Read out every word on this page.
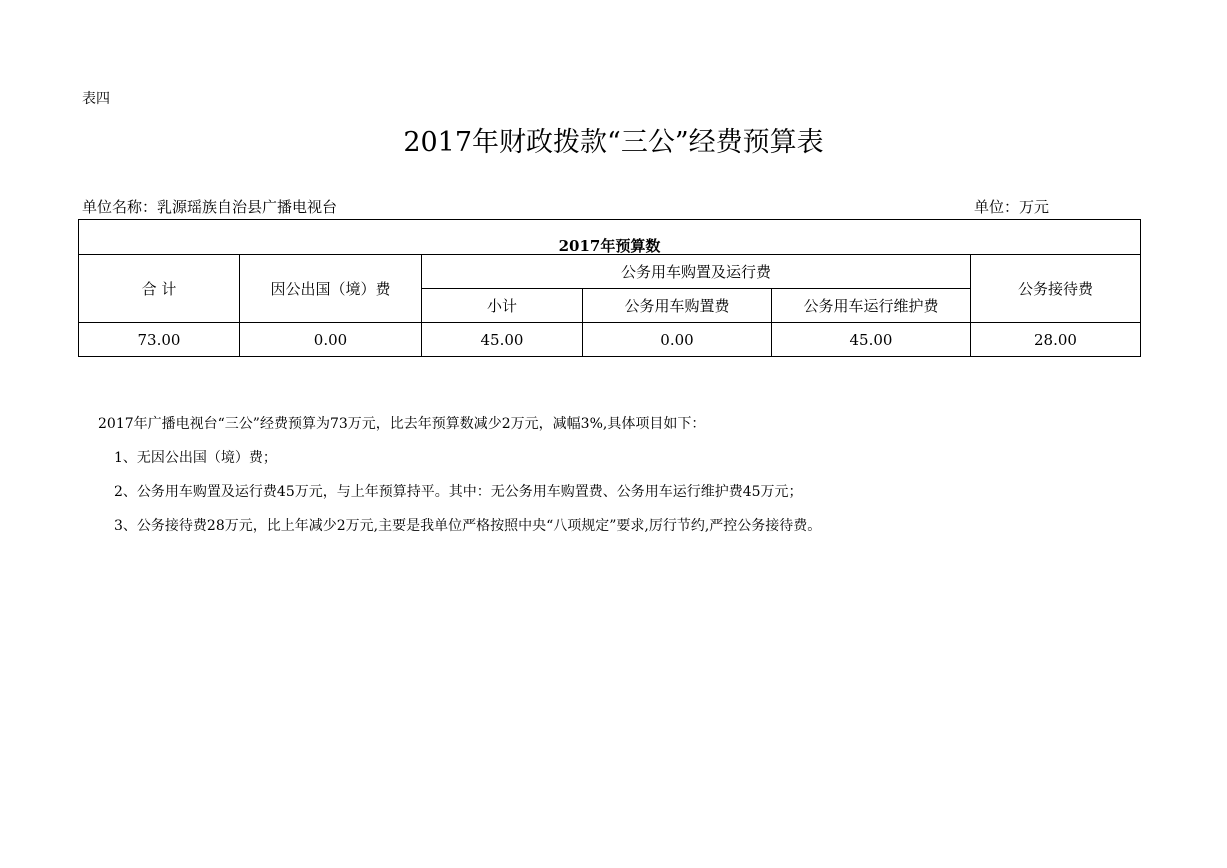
表四
2017年财政拨款“三公”经费预算表
单位名称：乳源瑶族自治县广播电视台	单位：万元
2017年预算数					
合 计	因公出国（境）费	公务用车购置及运行费			公务接待费
		小计	公务用车购置费	公务用车运行维护费	
73.00	0.00	45.00	0.00	45.00	28.00
2017年广播电视台“三公”经费预算为73万元，比去年预算数减少2万元，减幅3%,具体项目如下：
1、无因公出国（境）费；
2、公务用车购置及运行费45万元，与上年预算持平。其中：无公务用车购置费、公务用车运行维护费45万元；
3、公务接待费28万元，比上年减少2万元,主要是我单位严格按照中央“八项规定”要求,厉行节约,严控公务接待费。
